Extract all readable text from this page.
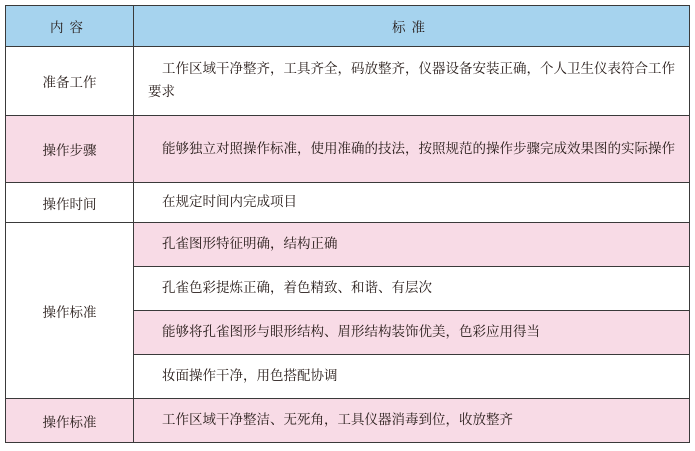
内容	标准
准备工作	工作区域干净整齐，工具齐全，码放整齐，仪器设备安装正确，个人卫生仪表符合工作要求
操作步骤	能够独立对照操作标准，使用准确的技法，按照规范的操作步骤完成效果图的实际操作
操作时间	在规定时间内完成项目
操作标准	孔雀图形特征明确，结构正确
	孔雀色彩提炼正确，着色精致、和谐、有层次
	能够将孔雀图形与眼形结构、眉形结构装饰优美，色彩应用得当
	妆面操作干净，用色搭配协调
操作标准	工作区域干净整洁、无死角，工具仪器消毒到位，收放整齐
